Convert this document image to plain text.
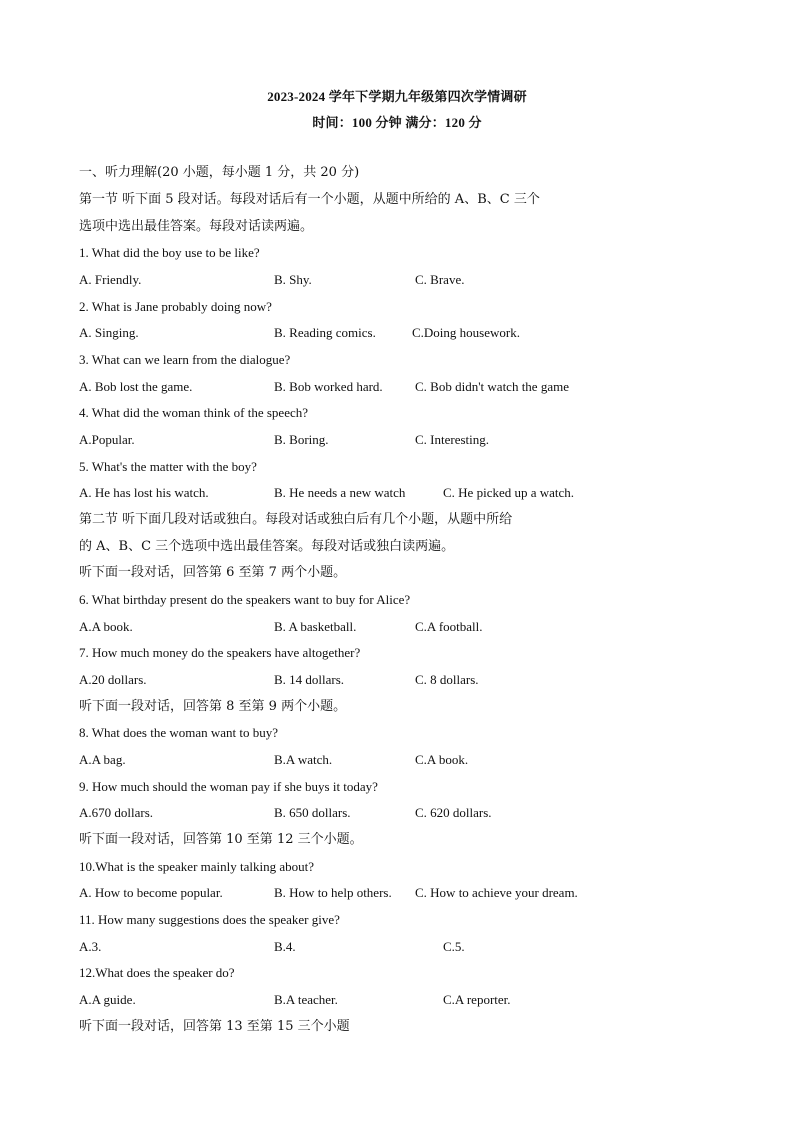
2023-2024 学年下学期九年级第四次学情调研
时间：100 分钟 满分：120 分
一、听力理解(20 小题，每小题 1 分，共 20 分)
第一节 听下面 5 段对话。每段对话后有一个小题，从题中所给的 A、B、C 三个
选项中选出最佳答案。每段对话读两遍。
1. What did the boy use to be like?
A. Friendly.	B. Shy.	C. Brave.
2. What is Jane probably doing now?
A. Singing.	B. Reading comics.	C.Doing housework.
3. What can we learn from the dialogue?
A. Bob lost the game.	B. Bob worked hard. C. Bob didn't watch the game
4. What did the woman think of the speech?
A.Popular.	B. Boring.	C. Interesting.
5. What's the matter with the boy?
A. He has lost his watch.	B. He needs a new watch	C. He picked up a watch.
第二节 听下面几段对话或独白。每段对话或独白后有几个小题，从题中所给
的 A、B、C 三个选项中选出最佳答案。每段对话或独白读两遍。
听下面一段对话，回答第 6 至第 7 两个小题。
6. What birthday present do the speakers want to buy for Alice?
A.A book.	B. A basketball.	C.A football.
7. How much money do the speakers have altogether?
A.20 dollars.	B. 14 dollars.	C. 8 dollars.
听下面一段对话，回答第 8 至第 9 两个小题。
8. What does the woman want to buy?
A.A bag.	B.A watch.	C.A book.
9. How much should the woman pay if she buys it today?
A.670 dollars.	B. 650 dollars.	C. 620 dollars.
听下面一段对话，回答第 10 至第 12 三个小题。
10.What is the speaker mainly talking about?
A. How to become popular.	B. How to help others. C. How to achieve your dream.
11. How many suggestions does the speaker give?
A.3.	B.4.	C.5.
12.What does the speaker do?
A.A guide.	B.A teacher.	C.A reporter.
听下面一段对话，回答第 13 至第 15 三个小题
